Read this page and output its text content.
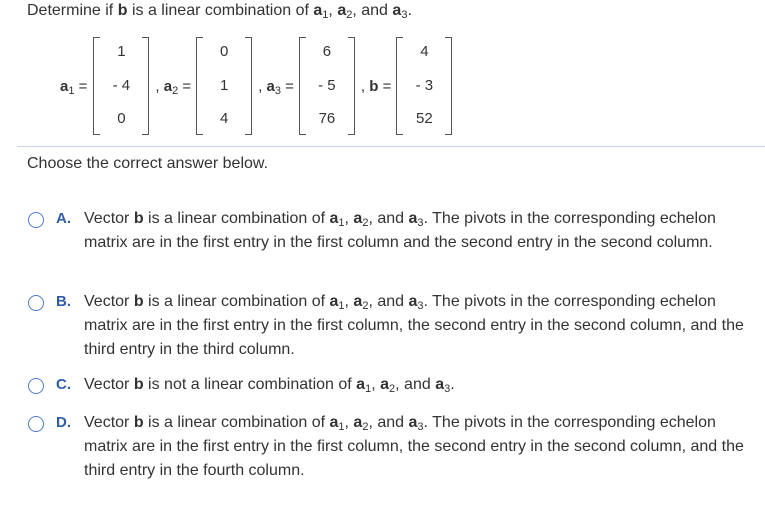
Determine if b is a linear combination of $a_1$, $a_2$, and $a_3$.
$a_1$ =
1
- 4
0
, $a_2$ =
0
1
4
, $a_3$ =
6
- 5
76
, b =
4
- 3
52
Choose the correct answer below.
A. Vector b is a linear combination of $a_1$, $a_2$, and $a_3$. The pivots in the corresponding echelon matrix are in the first entry in the first column and the second entry in the second column.
B. Vector b is a linear combination of $a_1$, $a_2$, and $a_3$. The pivots in the corresponding echelon matrix are in the first entry in the first column, the second entry in the second column, and the third entry in the third column.
C. Vector b is not a linear combination of $a_1$, $a_2$, and $a_3$.
D. Vector b is a linear combination of $a_1$, $a_2$, and $a_3$. The pivots in the corresponding echelon matrix are in the first entry in the first column, the second entry in the second column, and the third entry in the fourth column.
